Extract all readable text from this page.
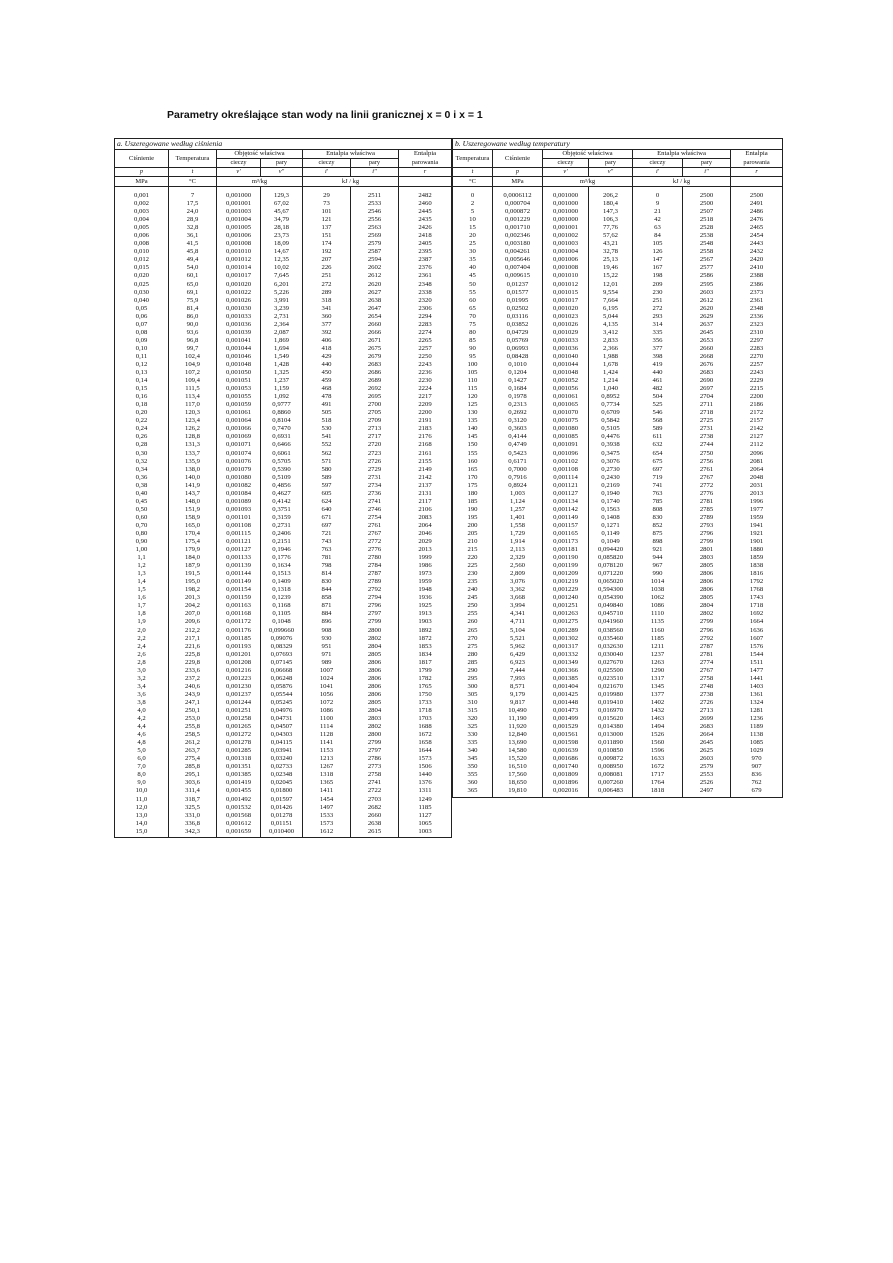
Parametry określające stan wody na linii granicznej x = 0 i x = 1
a. Uszeregowane według ciśnienia						
Ciśnienie	Temperatura	Objętość właściwa		Entalpia właściwa		Entalpia
		cieczy	pary	cieczy	pary	parowania
p	t	v'	v"	i'	i"	r
MPa	°C	m³/kg		kJ / kg		

0,001	7	0,001000	129,3	29	2511	2482
0,002	17,5	0,001001	67,02	73	2533	2460
0,003	24,0	0,001003	45,67	101	2546	2445
0,004	28,9	0,001004	34,79	121	2556	2435
0,005	32,8	0,001005	28,18	137	2563	2426
0,006	36,1	0,001006	23,73	151	2569	2418
0,008	41,5	0,001008	18,09	174	2579	2405
0,010	45,8	0,001010	14,67	192	2587	2395
0,012	49,4	0,001012	12,35	207	2594	2387
0,015	54,0	0,001014	10,02	226	2602	2376
0,020	60,1	0,001017	7,645	251	2612	2361
0,025	65,0	0,001020	6,201	272	2620	2348
0,030	69,1	0,001022	5,226	289	2627	2338
0,040	75,9	0,001026	3,991	318	2638	2320
0,05	81,4	0,001030	3,239	341	2647	2306
0,06	86,0	0,001033	2,731	360	2654	2294
0,07	90,0	0,001036	2,364	377	2660	2283
0,08	93,6	0,001039	2,087	392	2666	2274
0,09	96,8	0,001041	1,869	406	2671	2265
0,10	99,7	0,001044	1,694	418	2675	2257
0,11	102,4	0,001046	1,549	429	2679	2250
0,12	104,9	0,001048	1,428	440	2683	2243
0,13	107,2	0,001050	1,325	450	2686	2236
0,14	109,4	0,001051	1,237	459	2689	2230
0,15	111,5	0,001053	1,159	468	2692	2224
0,16	113,4	0,001055	1,092	478	2695	2217
0,18	117,0	0,001059	0,9777	491	2700	2209
0,20	120,3	0,001061	0,8860	505	2705	2200
0,22	123,4	0,001064	0,8104	518	2709	2191
0,24	126,2	0,001066	0,7470	530	2713	2183
0,26	128,8	0,001069	0,6931	541	2717	2176
0,28	131,3	0,001071	0,6466	552	2720	2168
0,30	133,7	0,001074	0,6061	562	2723	2161
0,32	135,9	0,001076	0,5705	571	2726	2155
0,34	138,0	0,001079	0,5390	580	2729	2149
0,36	140,0	0,001080	0,5109	589	2731	2142
0,38	141,9	0,001082	0,4856	597	2734	2137
0,40	143,7	0,001084	0,4627	605	2736	2131
0,45	148,0	0,001089	0,4142	624	2741	2117
0,50	151,9	0,001093	0,3751	640	2746	2106
0,60	158,9	0,001101	0,3159	671	2754	2083
0,70	165,0	0,001108	0,2731	697	2761	2064
0,80	170,4	0,001115	0,2406	721	2767	2046
0,90	175,4	0,001121	0,2151	743	2772	2029
1,00	179,9	0,001127	0,1946	763	2776	2013
1,1	184,0	0,001133	0,1776	781	2780	1999
1,2	187,9	0,001139	0,1634	798	2784	1986
1,3	191,5	0,001144	0,1513	814	2787	1973
1,4	195,0	0,001149	0,1409	830	2789	1959
1,5	198,2	0,001154	0,1318	844	2792	1948
1,6	201,3	0,001159	0,1239	858	2794	1936
1,7	204,2	0,001163	0,1168	871	2796	1925
1,8	207,0	0,001168	0,1105	884	2797	1913
1,9	209,6	0,001172	0,1048	896	2799	1903
2,0	212,2	0,001176	0,099660	908	2800	1892
2,2	217,1	0,001185	0,09076	930	2802	1872
2,4	221,6	0,001193	0,08329	951	2804	1853
2,6	225,8	0,001201	0,07693	971	2805	1834
2,8	229,8	0,001208	0,07145	989	2806	1817
3,0	233,6	0,001216	0,06668	1007	2806	1799
3,2	237,2	0,001223	0,06248	1024	2806	1782
3,4	240,6	0,001230	0,05876	1041	2806	1765
3,6	243,9	0,001237	0,05544	1056	2806	1750
3,8	247,1	0,001244	0,05245	1072	2805	1733
4,0	250,1	0,001251	0,04976	1086	2804	1718
4,2	253,0	0,001258	0,04731	1100	2803	1703
4,4	255,8	0,001265	0,04507	1114	2802	1688
4,6	258,5	0,001272	0,04303	1128	2800	1672
4,8	261,2	0,001278	0,04115	1141	2799	1658
5,0	263,7	0,001285	0,03941	1153	2797	1644
6,0	275,4	0,001318	0,03240	1213	2786	1573
7,0	285,8	0,001351	0,02733	1267	2773	1506
8,0	295,1	0,001385	0,02348	1318	2758	1440
9,0	303,6	0,001419	0,02045	1365	2741	1376
10,0	311,4	0,001455	0,01800	1411	2722	1311
11,0	318,7	0,001492	0,01597	1454	2703	1249
12,0	325,5	0,001532	0,01426	1497	2682	1185
13,0	331,0	0,001568	0,01278	1533	2660	1127
14,0	336,8	0,001612	0,01151	1573	2638	1065
15,0	342,3	0,001659	0,010400	1612	2615	1003

b. Uszeregowane według temperatury						
Temperatura	Ciśnienie	Objętość właściwa		Entalpia właściwa		Entalpia
		cieczy	pary	cieczy	pary	parowania
t	p	v'	v"	i'	i"	r
°C	MPa	m³/kg		kJ / kg		

0	0,0006112	0,001000	206,2	0	2500	2500
2	0,000704	0,001000	180,4	9	2500	2491
5	0,000872	0,001000	147,3	21	2507	2486
10	0,001229	0,001000	106,3	42	2518	2476
15	0,001710	0,001001	77,76	63	2528	2465
20	0,002346	0,001002	57,62	84	2538	2454
25	0,003180	0,001003	43,21	105	2548	2443
30	0,004261	0,001004	32,78	126	2558	2432
35	0,005646	0,001006	25,13	147	2567	2420
40	0,007404	0,001008	19,46	167	2577	2410
45	0,009615	0,001010	15,22	198	2586	2388
50	0,01237	0,001012	12,01	209	2595	2386
55	0,01577	0,001015	9,554	230	2603	2373
60	0,01995	0,001017	7,664	251	2612	2361
65	0,02502	0,001020	6,195	272	2620	2348
70	0,03116	0,001023	5,044	293	2629	2336
75	0,03852	0,001026	4,135	314	2637	2323
80	0,04729	0,001029	3,412	335	2645	2310
85	0,05769	0,001033	2,833	356	2653	2297
90	0,06993	0,001036	2,366	377	2660	2283
95	0,08428	0,001040	1,988	398	2668	2270
100	0,1010	0,001044	1,678	419	2676	2257
105	0,1204	0,001048	1,424	440	2683	2243
110	0,1427	0,001052	1,214	461	2690	2229
115	0,1684	0,001056	1,040	482	2697	2215
120	0,1978	0,001061	0,8952	504	2704	2200
125	0,2313	0,001065	0,7734	525	2711	2186
130	0,2692	0,001070	0,6709	546	2718	2172
135	0,3120	0,001075	0,5842	568	2725	2157
140	0,3603	0,001080	0,5105	589	2731	2142
145	0,4144	0,001085	0,4476	611	2738	2127
150	0,4749	0,001091	0,3938	632	2744	2112
155	0,5423	0,001096	0,3475	654	2750	2096
160	0,6171	0,001102	0,3076	675	2756	2081
165	0,7000	0,001108	0,2730	697	2761	2064
170	0,7916	0,001114	0,2430	719	2767	2048
175	0,8924	0,001121	0,2169	741	2772	2031
180	1,003	0,001127	0,1940	763	2776	2013
185	1,124	0,001134	0,1740	785	2781	1996
190	1,257	0,001142	0,1563	808	2785	1977
195	1,401	0,001149	0,1408	830	2789	1959
200	1,558	0,001157	0,1271	852	2793	1941
205	1,729	0,001165	0,1149	875	2796	1921
210	1,914	0,001173	0,1049	898	2799	1901
215	2,113	0,001181	0,094420	921	2801	1880
220	2,329	0,001190	0,085820	944	2803	1859
225	2,560	0,001199	0,078120	967	2805	1838
230	2,809	0,001209	0,071220	990	2806	1816
235	3,076	0,001219	0,065020	1014	2806	1792
240	3,362	0,001229	0,594300	1038	2806	1768
245	3,668	0,001240	0,054390	1062	2805	1743
250	3,994	0,001251	0,049840	1086	2804	1718
255	4,341	0,001263	0,045710	1110	2802	1692
260	4,711	0,001275	0,041960	1135	2799	1664
265	5,104	0,001289	0,038560	1160	2796	1636
270	5,521	0,001302	0,035460	1185	2792	1607
275	5,962	0,001317	0,032630	1211	2787	1576
280	6,429	0,001332	0,030040	1237	2781	1544
285	6,923	0,001349	0,027670	1263	2774	1511
290	7,444	0,001366	0,025500	1290	2767	1477
295	7,993	0,001385	0,023510	1317	2758	1441
300	8,571	0,001404	0,021670	1345	2748	1403
305	9,179	0,001425	0,019980	1377	2738	1361
310	9,817	0,001448	0,019410	1402	2726	1324
315	10,490	0,001473	0,016970	1432	2713	1281
320	11,190	0,001499	0,015620	1463	2699	1236
325	11,920	0,001529	0,014380	1494	2683	1189
330	12,840	0,001561	0,013000	1526	2664	1138
335	13,690	0,001598	0,011890	1560	2645	1085
340	14,580	0,001639	0,010850	1596	2625	1029
345	15,520	0,001686	0,009872	1633	2603	970
350	16,510	0,001740	0,008950	1672	2579	907
355	17,560	0,001809	0,008081	1717	2553	836
360	18,650	0,001896	0,007260	1764	2526	762
365	19,810	0,002016	0,006483	1818	2497	679
